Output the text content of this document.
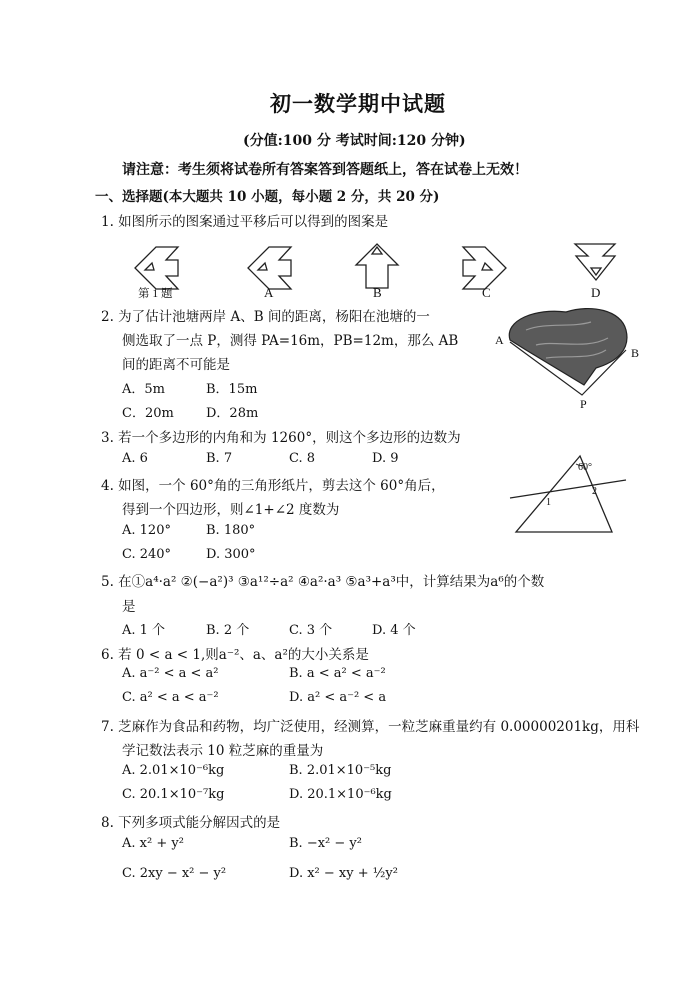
初一数学期中试题
(分值:100 分 考试时间:120 分钟)
请注意：考生须将试卷所有答案答到答题纸上，答在试卷上无效！
一、选择题(本大题共 10 小题，每小题 2 分，共 20 分)
1. 如图所示的图案通过平移后可以得到的图案是
第 1 题	A	B	C	D
2. 为了估计池塘两岸 A、B 间的距离，杨阳在池塘的一
侧选取了一点 P，测得 PA=16m，PB=12m，那么 AB
间的距离不可能是
A．5m	B．15m
C．20m D．28m
A
B
P
3. 若一个多边形的内角和为 1260°，则这个多边形的边数为
A. 6	B. 7	C. 8	D. 9
4. 如图，一个 60°角的三角形纸片，剪去这个 60°角后，
得到一个四边形，则∠1+∠2 度数为
A. 120°	B. 180°
C. 240°	D. 300°
60°
1
2
5. 在①a⁴·a² ②(−a²)³ ③a¹²÷a² ④a²·a³ ⑤a³+a³中，计算结果为a⁶的个数
是
A. 1 个	B. 2 个	C. 3 个	D. 4 个
6. 若 0 < a < 1,则a⁻²、a、a²的大小关系是
A. a⁻² < a < a²	B. a < a² < a⁻²
C. a² < a < a⁻²	D. a² < a⁻² < a
7. 芝麻作为食品和药物，均广泛使用，经测算，一粒芝麻重量约有 0.00000201kg，用科
学记数法表示 10 粒芝麻的重量为
A. 2.01×10⁻⁶kg	B. 2.01×10⁻⁵kg
C. 20.1×10⁻⁷kg	D. 20.1×10⁻⁶kg
8. 下列多项式能分解因式的是
A. x² + y²	B. −x² − y²
C. 2xy − x² − y²	D. x² − xy + ½y²
